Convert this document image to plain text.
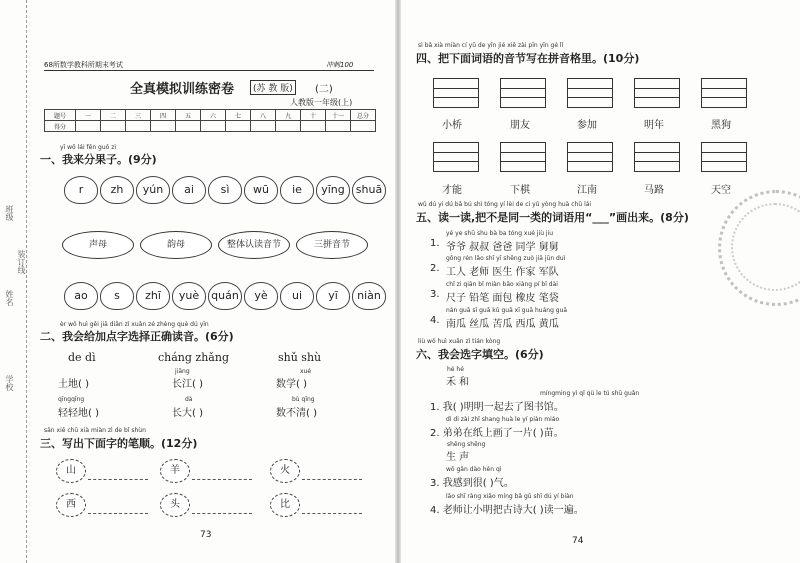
班级
姓名
学校
装订线
68所数学教科所期末考试	冲刺100
全真模拟训练密卷	(苏 教 版)	(二)
人教版一年级(上)
题号	一	二	三	四	五	六	七	八	九	十	十一	总分
得分												
yī wǒ lái fēn guǒ zi
一、我来分果子。(9分)
r	zh	yún	ai	sì	wū	ie	yīng	shuā
声母	韵母	整体认读音节	三拼音节
ao	s	zhī	yuè	quán	yè	ui	yī	niàn
èr wǒ huì gěi jiā diǎn zì xuǎn zé zhèng què dú yīn
二、我会给加点字选择正确读音。(6分)
de dì
土地( )
qīngqīng
轻轻地( )
cháng zhǎng
jiāng
长江( )
dà
长大( )
shǔ shù
xué
数学( )
bù qīng
数不清( )
sān xiě chū xià miàn zì de bǐ shùn
三、写出下面字的笔顺。(12分)
山	羊	火
西	头	比
73
sì bǎ xià miàn cí yǔ de yīn jié xiě zài pīn yīn gé lǐ
四、把下面词语的音节写在拼音格里。(10分)
小桥	朋友	参加	明年	黑狗
才能	下棋	江南	马路	天空
wǔ dú yi dú bǎ bú shì tóng yí lèi de cí yǔ yòng huà chū lái
五、读一读,把不是同一类的词语用“___”画出来。(8分)
yé ye shū shu bà ba tóng xué jiù jiu
1. 爷爷 叔叔 爸爸 同学 舅舅
gōng rén lǎo shī yī shēng zuò jiā jūn duì
2. 工人 老师 医生 作家 军队
chǐ zi qiān bǐ miàn bāo xiàng pí bǐ dài
3. 尺子 铅笔 面包 橡皮 笔袋
nán guā sī guā kǔ guā xī guā huáng guā
4. 南瓜 丝瓜 苦瓜 西瓜 黄瓜
liù wǒ huì xuǎn zì tián kòng
六、我会选字填空。(6分)
hé hé
禾 和
míngming yì qǐ qù le tú shū guǎn
1. 我( )明明一起去了图书馆。
dì di zài zhǐ shang huà le yí piàn miáo
2. 弟弟在纸上画了一片( )苗。
shēng shēng
生 声
wǒ gǎn dào hěn qì
3. 我感到很( )气。
lǎo shī ràng xiǎo míng bǎ gǔ shī dú yí biàn
4. 老师让小明把古诗大( )读一遍。
74
